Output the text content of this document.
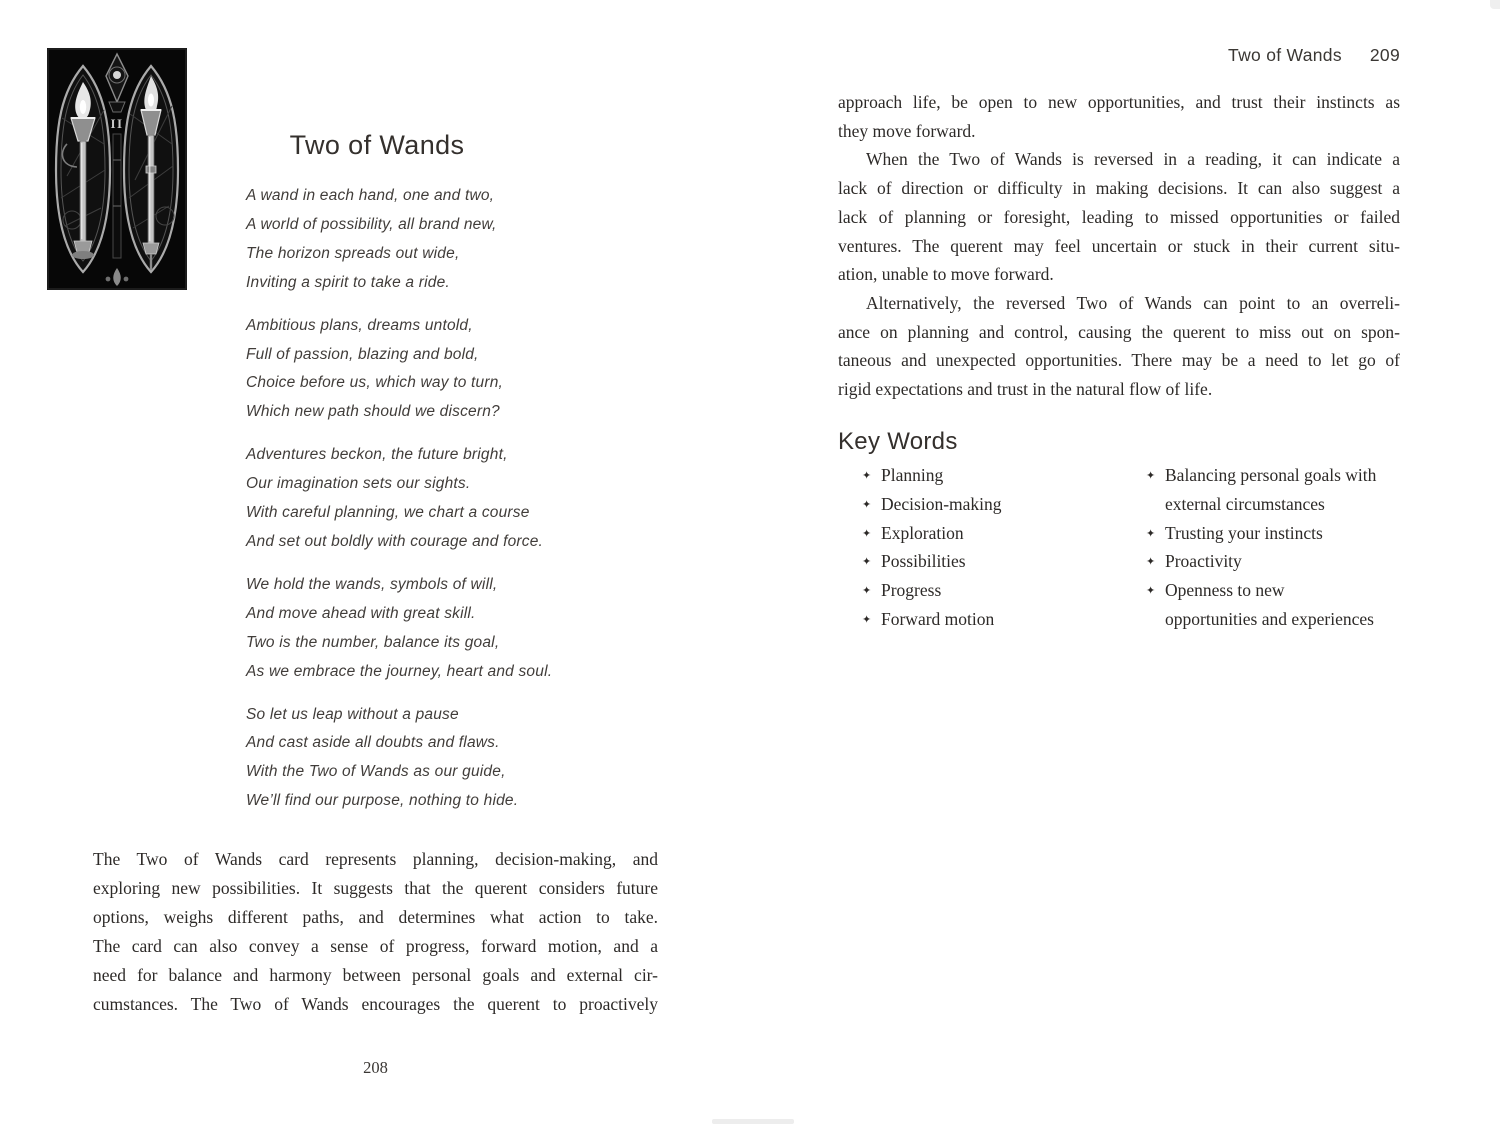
II
Two of Wands
A wand in each hand, one and two,
A world of possibility, all brand new,
The horizon spreads out wide,
Inviting a spirit to take a ride.
Ambitious plans, dreams untold,
Full of passion, blazing and bold,
Choice before us, which way to turn,
Which new path should we discern?
Adventures beckon, the future bright,
Our imagination sets our sights.
With careful planning, we chart a course
And set out boldly with courage and force.
We hold the wands, symbols of will,
And move ahead with great skill.
Two is the number, balance its goal,
As we embrace the journey, heart and soul.
So let us leap without a pause
And cast aside all doubts and flaws.
With the Two of Wands as our guide,
We’ll find our purpose, nothing to hide.
The Two of Wands card represents planning, decision-making, and
exploring new possibilities. It suggests that the querent considers future
options, weighs different paths, and determines what action to take.
The card can also convey a sense of progress, forward motion, and a
need for balance and harmony between personal goals and external cir-
cumstances. The Two of Wands encourages the querent to proactively
208
Two of Wands 209
approach life, be open to new opportunities, and trust their instincts as
they move forward.
When the Two of Wands is reversed in a reading, it can indicate a
lack of direction or difficulty in making decisions. It can also suggest a
lack of planning or foresight, leading to missed opportunities or failed
ventures. The querent may feel uncertain or stuck in their current situ-
ation, unable to move forward.
Alternatively, the reversed Two of Wands can point to an overreli-
ance on planning and control, causing the querent to miss out on spon-
taneous and unexpected opportunities. There may be a need to let go of
rigid expectations and trust in the natural flow of life.
Key Words
✦ Planning
✦ Decision-making
✦ Exploration
✦ Possibilities
✦ Progress
✦ Forward motion
✦ Balancing personal goals with
external circumstances
✦ Trusting your instincts
✦ Proactivity
✦ Openness to new
opportunities and experiences
